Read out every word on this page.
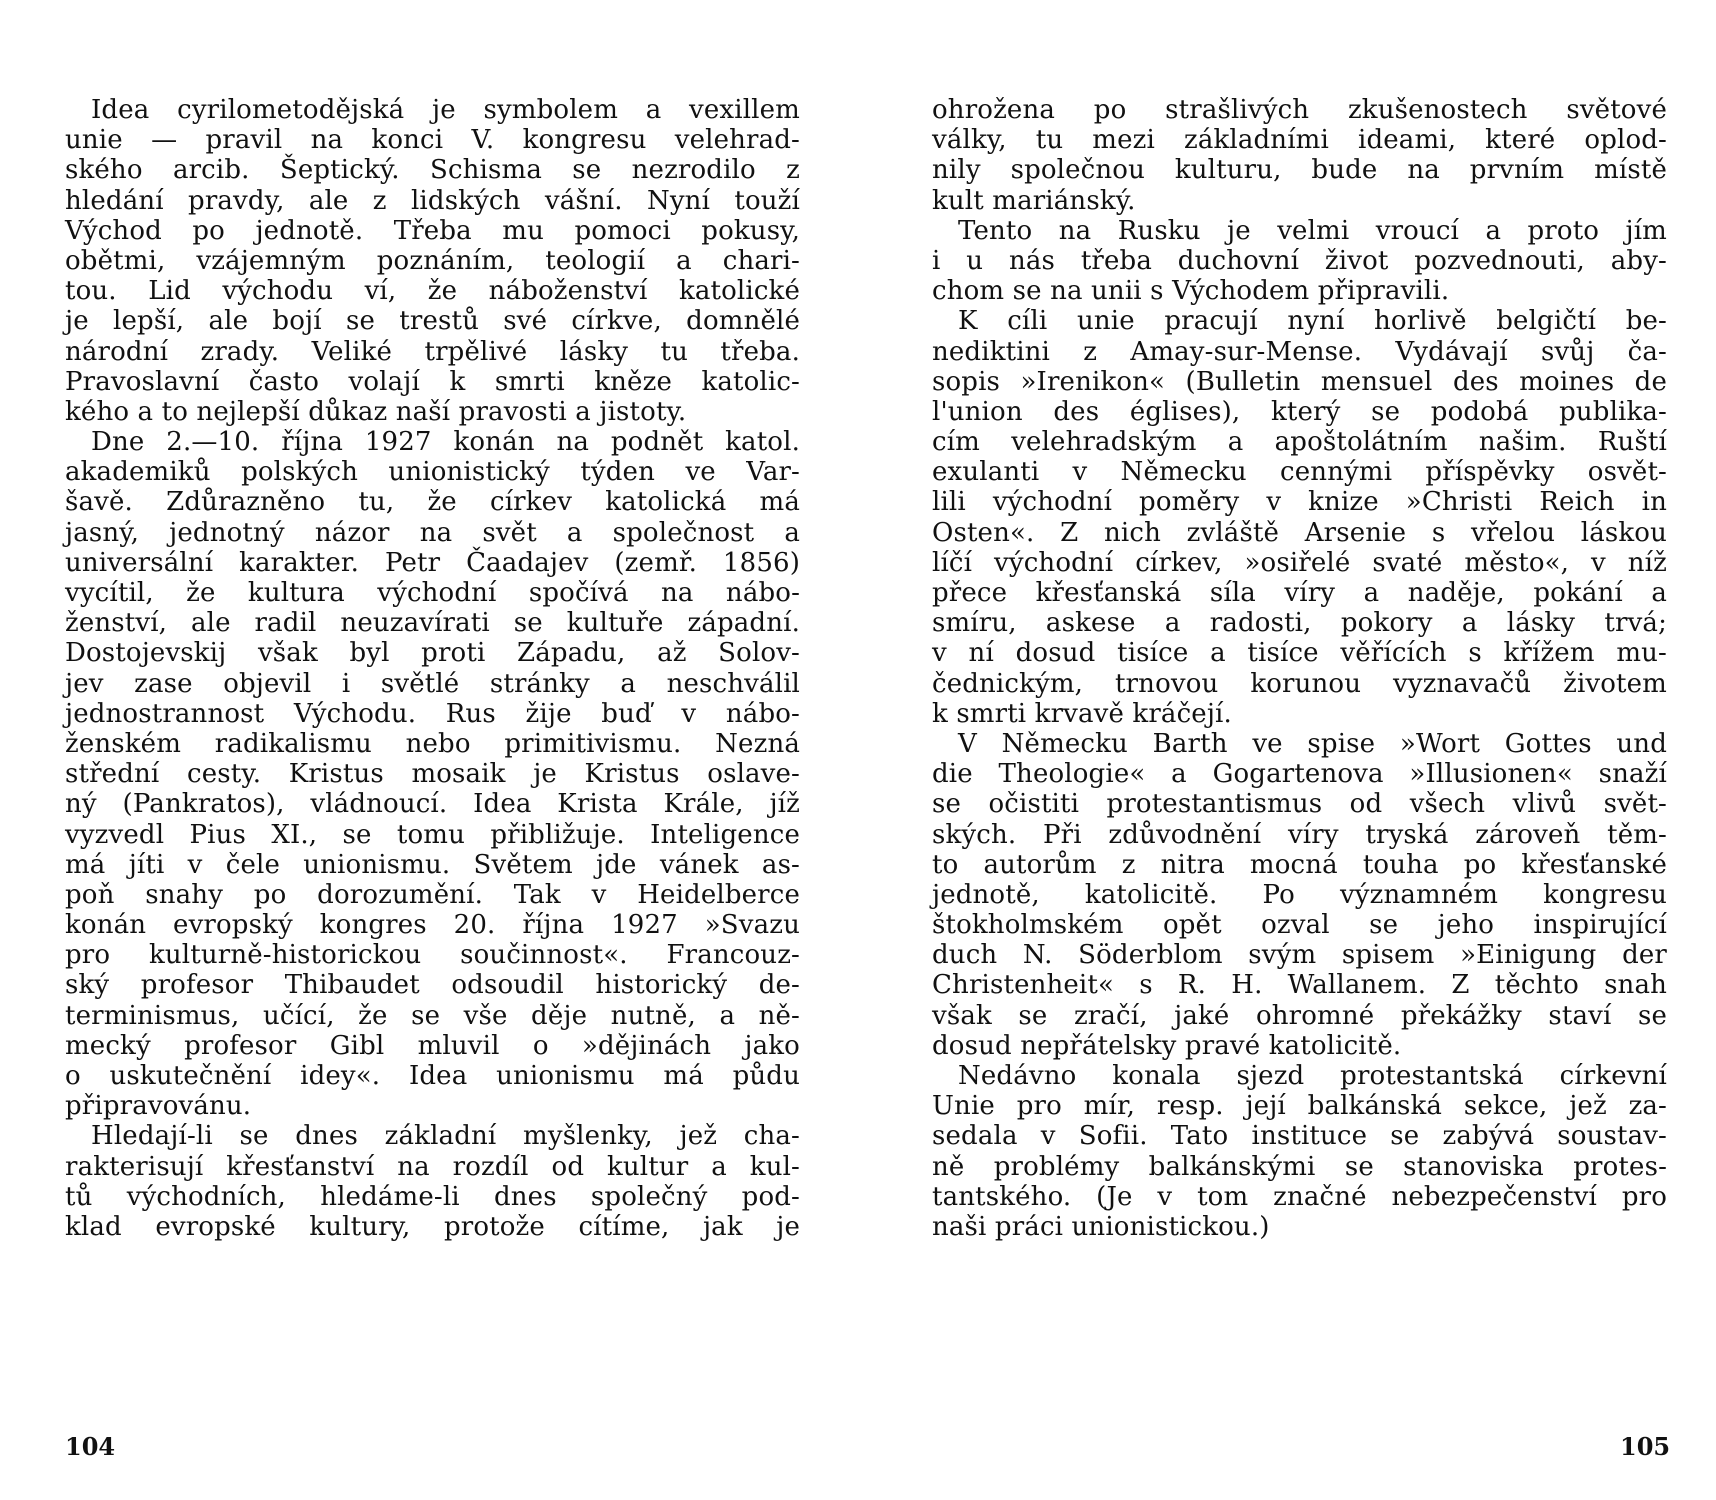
Idea cyrilometodějská je symbolem a vexillem
unie — pravil na konci V. kongresu velehrad-
ského arcib. Šeptický. Schisma se nezrodilo z
hledání pravdy, ale z lidských vášní. Nyní touží
Východ po jednotě. Třeba mu pomoci pokusy,
obětmi, vzájemným poznáním, teologií a chari-
tou. Lid východu ví, že náboženství katolické
je lepší, ale bojí se trestů své církve, domnělé
národní zrady. Veliké trpělivé lásky tu třeba.
Pravoslavní často volají k smrti kněze katolic-
kého a to nejlepší důkaz naší pravosti a jistoty.
Dne 2.—10. října 1927 konán na podnět katol.
akademiků polských unionistický týden ve Var-
šavě. Zdůrazněno tu, že církev katolická má
jasný, jednotný názor na svět a společnost a
universální karakter. Petr Čaadajev (zemř. 1856)
vycítil, že kultura východní spočívá na nábo-
ženství, ale radil neuzavírati se kultuře západní.
Dostojevskij však byl proti Západu, až Solov-
jev zase objevil i světlé stránky a neschválil
jednostrannost Východu. Rus žije buď v nábo-
ženském radikalismu nebo primitivismu. Nezná
střední cesty. Kristus mosaik je Kristus oslave-
ný (Pankratos), vládnoucí. Idea Krista Krále, jíž
vyzvedl Pius XI., se tomu přibližuje. Inteligence
má jíti v čele unionismu. Světem jde vánek as-
poň snahy po dorozumění. Tak v Heidelberce
konán evropský kongres 20. října 1927 »Svazu
pro kulturně-historickou součinnost«. Francouz-
ský profesor Thibaudet odsoudil historický de-
terminismus, učící, že se vše děje nutně, a ně-
mecký profesor Gibl mluvil o »dějinách jako
o uskutečnění idey«. Idea unionismu má půdu
připravovánu.
Hledají-li se dnes základní myšlenky, jež cha-
rakterisují křesťanství na rozdíl od kultur a kul-
tů východních, hledáme-li dnes společný pod-
klad evropské kultury, protože cítíme, jak je
ohrožena po strašlivých zkušenostech světové
války, tu mezi základními ideami, které oplod-
nily společnou kulturu, bude na prvním místě
kult mariánský.
Tento na Rusku je velmi vroucí a proto jím
i u nás třeba duchovní život pozvednouti, aby-
chom se na unii s Východem připravili.
K cíli unie pracují nyní horlivě belgičtí be-
nediktini z Amay-sur-Mense. Vydávají svůj ča-
sopis »Irenikon« (Bulletin mensuel des moines de
l'union des églises), který se podobá publika-
cím velehradským a apoštolátním našim. Ruští
exulanti v Německu cennými příspěvky osvět-
lili východní poměry v knize »Christi Reich in
Osten«. Z nich zvláště Arsenie s vřelou láskou
líčí východní církev, »osiřelé svaté město«, v níž
přece křesťanská síla víry a naděje, pokání a
smíru, askese a radosti, pokory a lásky trvá;
v ní dosud tisíce a tisíce věřících s křížem mu-
čednickým, trnovou korunou vyznavačů životem
k smrti krvavě kráčejí.
V Německu Barth ve spise »Wort Gottes und
die Theologie« a Gogartenova »Illusionen« snaží
se očistiti protestantismus od všech vlivů svět-
ských. Při zdůvodnění víry tryská zároveň těm-
to autorům z nitra mocná touha po křesťanské
jednotě, katolicitě. Po významném kongresu
štokholmském opět ozval se jeho inspirující
duch N. Söderblom svým spisem »Einigung der
Christenheit« s R. H. Wallanem. Z těchto snah
však se zračí, jaké ohromné překážky staví se
dosud nepřátelsky pravé katolicitě.
Nedávno konala sjezd protestantská církevní
Unie pro mír, resp. její balkánská sekce, jež za-
sedala v Sofii. Tato instituce se zabývá soustav-
ně problémy balkánskými se stanoviska protes-
tantského. (Je v tom značné nebezpečenství pro
naši práci unionistickou.)
104	105
